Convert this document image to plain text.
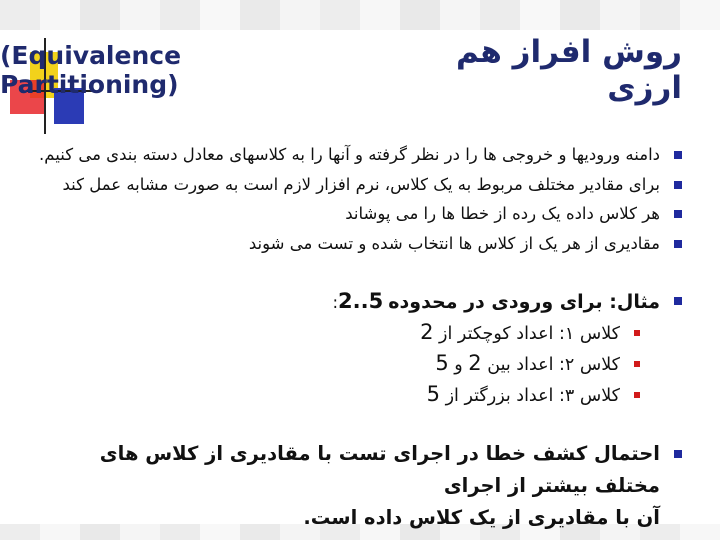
روش افراز هم ارزی
(Equivalence Partitioning)
دامنه ورودیها و خروجی ها را در نظر گرفته و آنها را به کلاسهای معادل دسته بندی می کنیم.
برای مقادیر مختلف مربوط به یک کلاس، نرم افزار لازم است به صورت مشابه عمل کند
هر کلاس داده یک رده از خطا ها را می پوشاند
مقادیری از هر یک از کلاس ها انتخاب شده و تست می شوند
مثال: برای ورودی در محدوده 2..5:
کلاس ۱: اعداد کوچکتر از 2
کلاس ۲: اعداد بین 2 و 5
کلاس ۳: اعداد بزرگتر از 5
احتمال کشف خطا در اجرای تست با مقادیری از کلاس های مختلف بیشتر از اجرای
آن با مقادیری از یک کلاس داده است.
